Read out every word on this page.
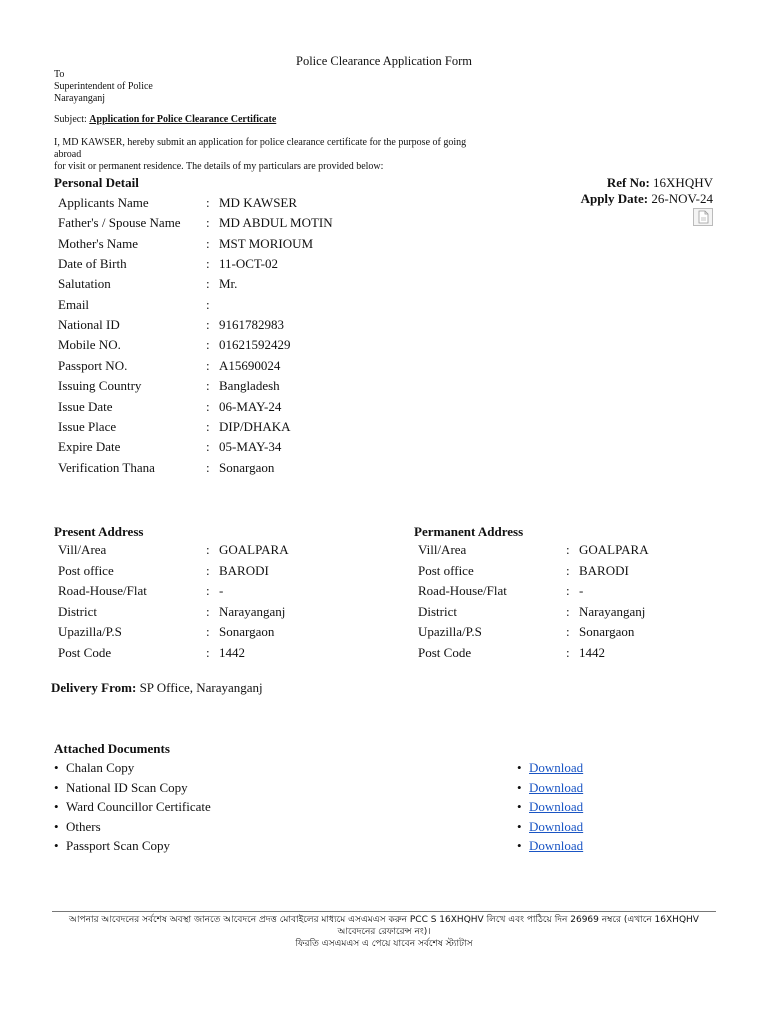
Police Clearance Application Form
To
Superintendent of Police
Narayanganj
Subject: Application for Police Clearance Certificate
I, MD KAWSER, hereby submit an application for police clearance certificate for the purpose of going abroad
for visit or permanent residence. The details of my particulars are provided below:
Ref No: 16XHQHV
Apply Date: 26-NOV-24
Personal Detail
Applicants Name	: MD KAWSER
Father's / Spouse Name : MD ABDUL MOTIN
Mother's Name	: MST MORIOUM
Date of Birth	: 11-OCT-02
Salutation	: Mr.
Email	:
National ID	: 9161782983
Mobile NO.	: 01621592429
Passport NO.	: A15690024
Issuing Country	: Bangladesh
Issue Date	: 06-MAY-24
Issue Place	: DIP/DHAKA
Expire Date	: 05-MAY-34
Verification Thana	: Sonargaon
Present Address	Permanent Address
Vill/Area	: GOALPARA
Post office	: BARODI
Road-House/Flat	: -
District	: Narayanganj
Upazilla/P.S	: Sonargaon
Post Code	: 1442
Vill/Area	: GOALPARA
Post office	: BARODI
Road-House/Flat	: -
District	: Narayanganj
Upazilla/P.S	: Sonargaon
Post Code	: 1442
Delivery From: SP Office, Narayanganj
Attached Documents
• Chalan Copy	• Download
• National ID Scan Copy	• Download
• Ward Councillor Certificate	• Download
• Others	• Download
• Passport Scan Copy	• Download
আপনার আবেদনের সর্বশেষ অবস্থা জানতে আবেদনে প্রদত্ত মোবাইলের মাধ্যমে এসএমএস করুন PCC S 16XHQHV লিখে এবং পাঠিয়ে দিন 26969 নম্বরে (এখানে 16XHQHV আবেদনের রেফারেন্স নং)।
ফিরতি এসএমএস এ পেয়ে যাবেন সর্বশেষ স্ট্যাটাস
